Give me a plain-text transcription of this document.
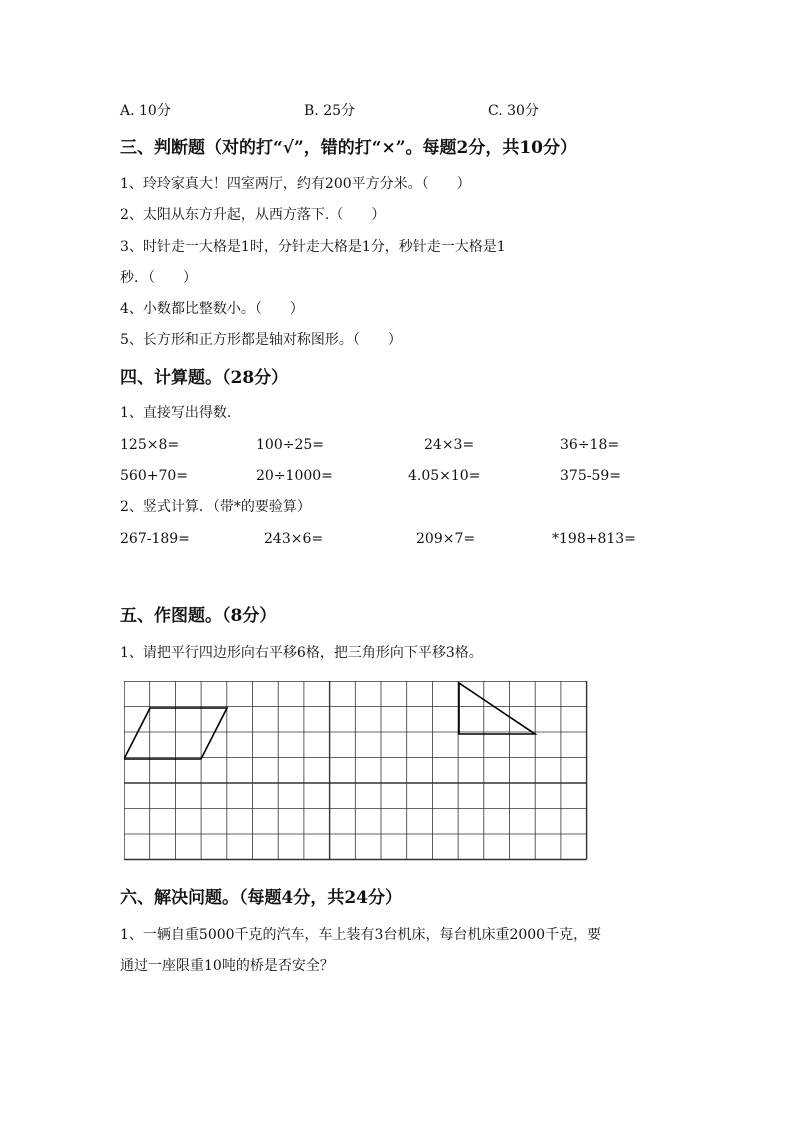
A. 10分	B. 25分	C. 30分
三、判断题（对的打“√”，错的打“×”。每题2分，共10分）
1、玲玲家真大！四室两厅，约有200平方分米。（　　）
2、太阳从东方升起，从西方落下.（　　）
3、时针走一大格是1时，分针走大格是1分，秒针走一大格是1
秒．（　　）
4、小数都比整数小。（　　）
5、长方形和正方形都是轴对称图形。（　　）
四、计算题。（28分）
1、直接写出得数.
125×8=	100÷25=	24×3=	36÷18=
560+70=	20÷1000=	4.05×10=	375-59=
2、竖式计算．（带*的要验算）
267-189=	243×6=	209×7=	*198+813=
五、作图题。（8分）
1、请把平行四边形向右平移6格，把三角形向下平移3格。
六、解决问题。（每题4分，共24分）
1、一辆自重5000千克的汽车，车上装有3台机床，每台机床重2000千克，要
通过一座限重10吨的桥是否安全？
